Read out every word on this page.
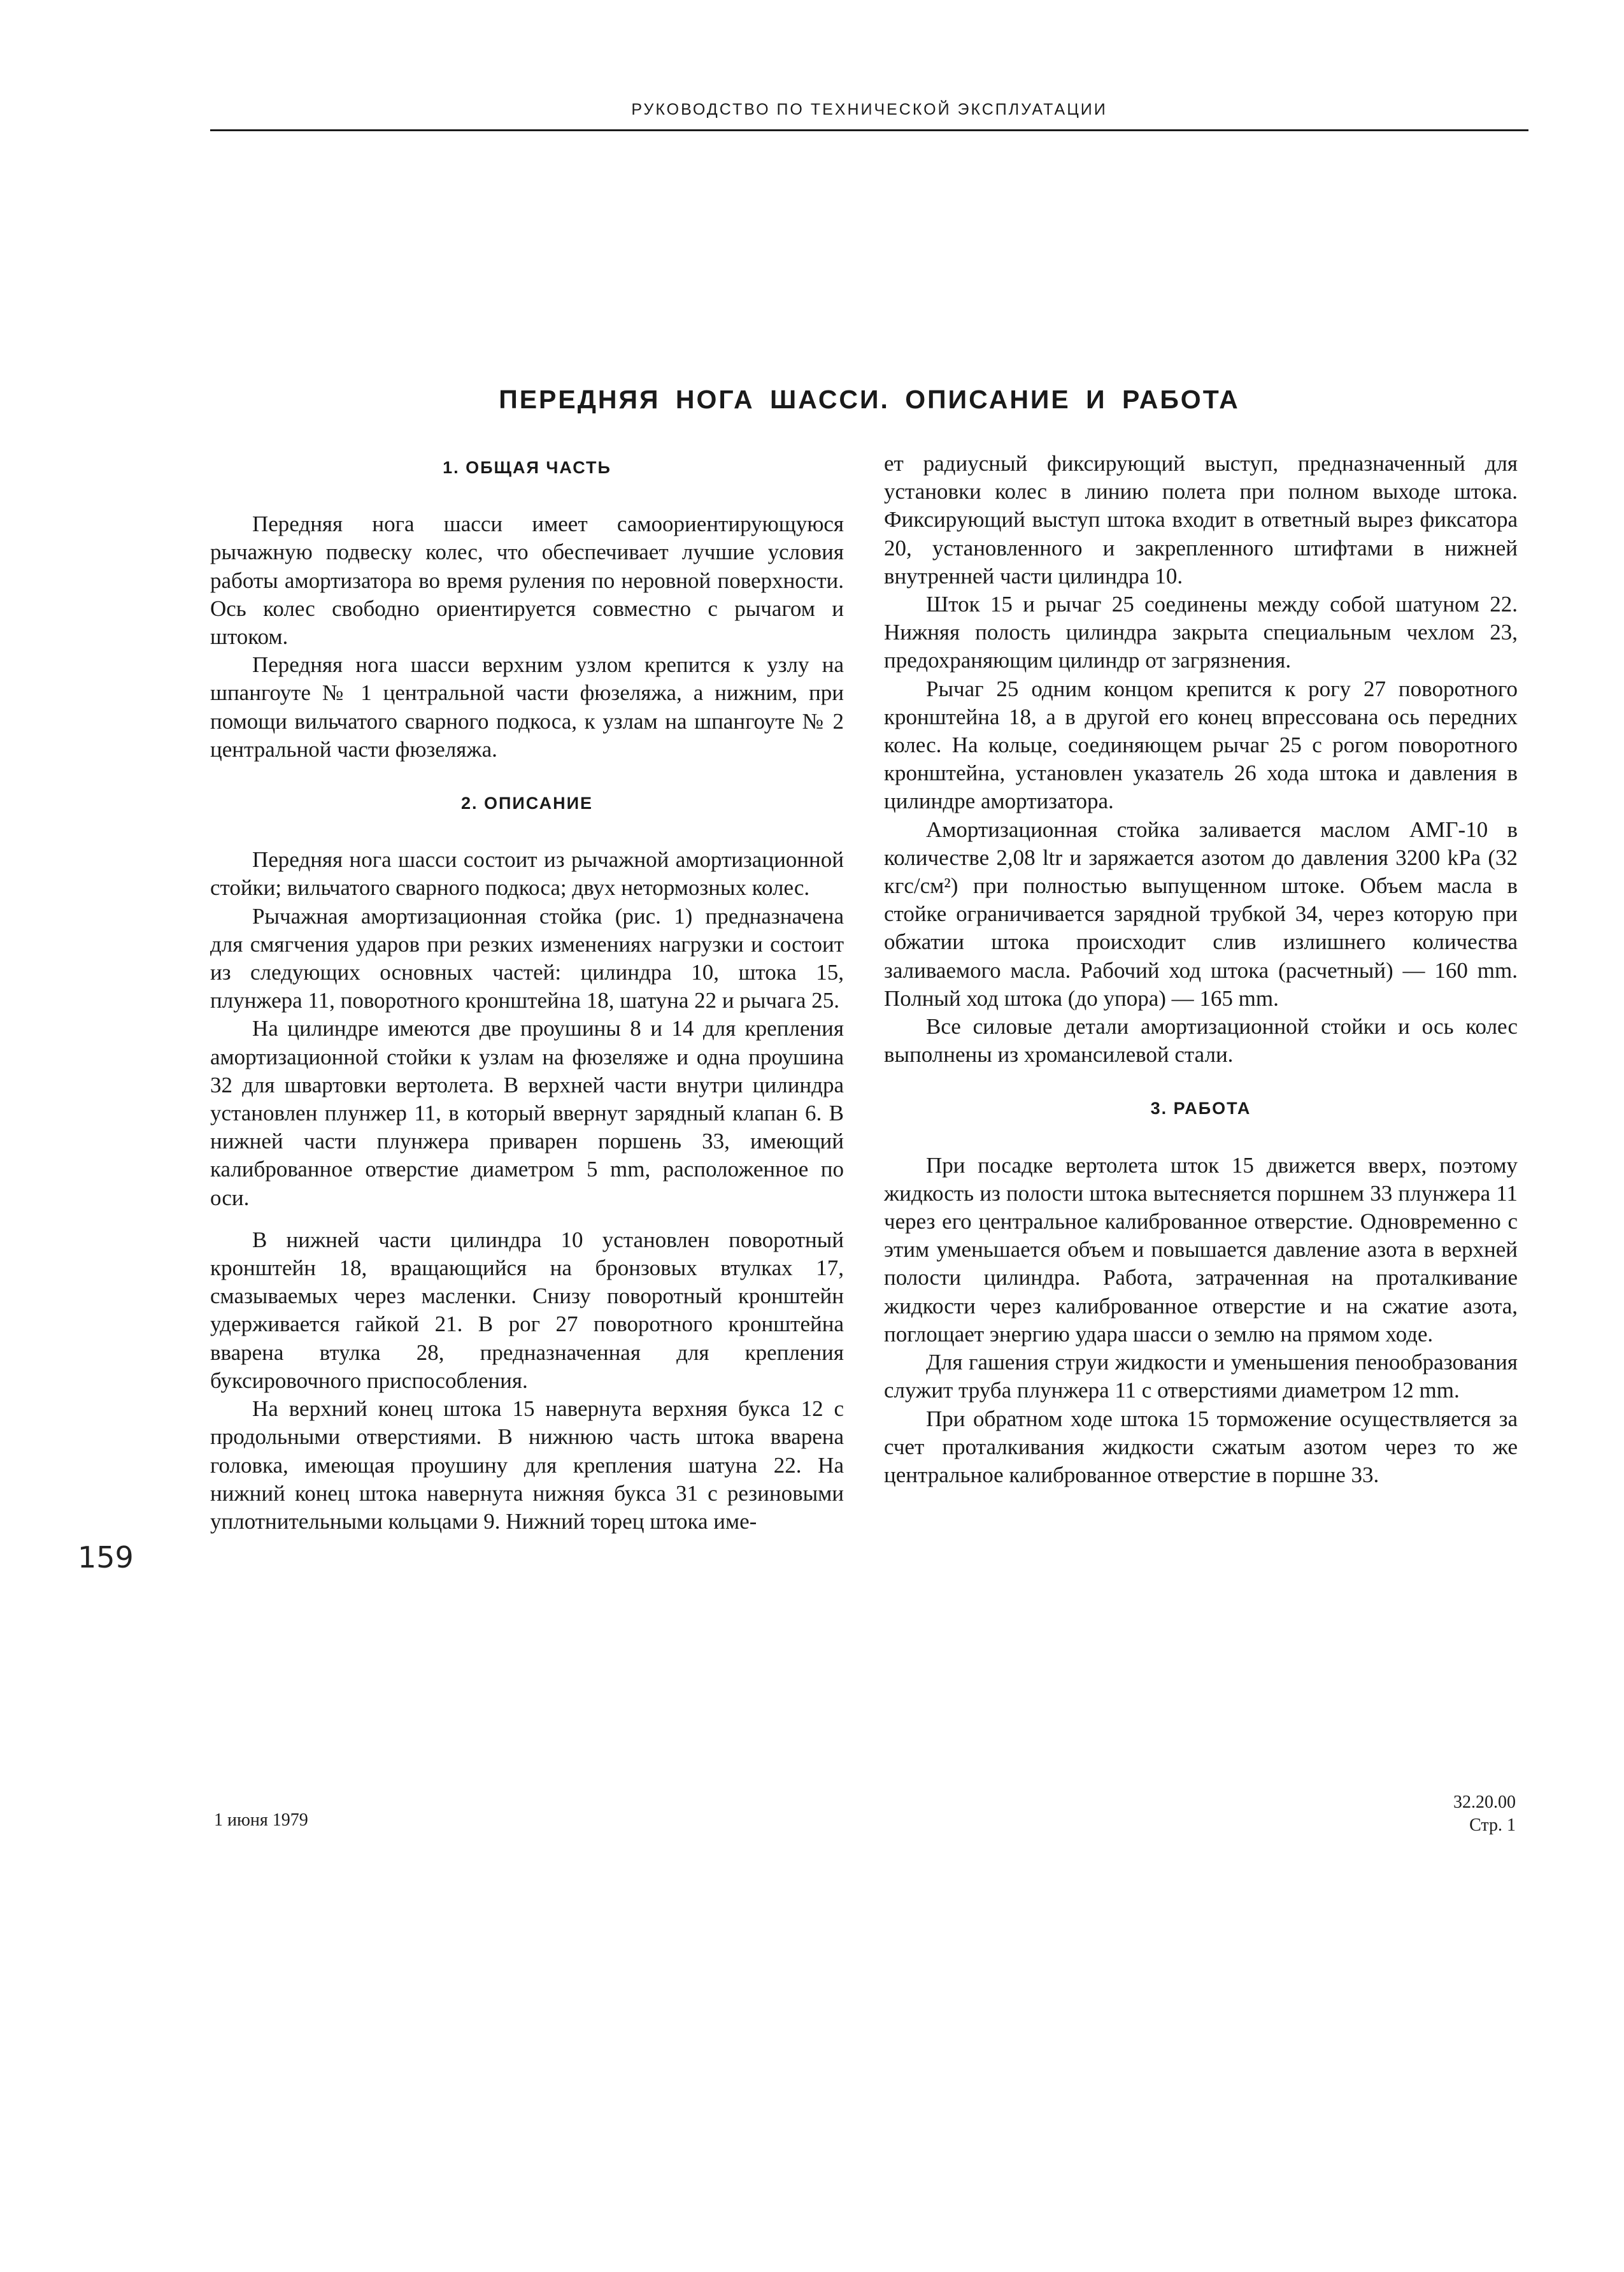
РУКОВОДСТВО ПО ТЕХНИЧЕСКОЙ ЭКСПЛУАТАЦИИ
ПЕРЕДНЯЯ НОГА ШАССИ. ОПИСАНИЕ И РАБОТА
1. ОБЩАЯ ЧАСТЬ

Передняя нога шасси имеет самоориентирующуюся рычажную подвеску колес, что обеспечивает лучшие условия работы амортизатора во время руления по неровной поверхности. Ось колес свободно ориентируется совместно с рычагом и штоком.

Передняя нога шасси верхним узлом крепится к узлу на шпангоуте № 1 центральной части фюзеляжа, а нижним, при помощи вильчатого сварного подкоса, к узлам на шпангоуте № 2 центральной части фюзеляжа.

2. ОПИСАНИЕ

Передняя нога шасси состоит из рычажной амортизационной стойки; вильчатого сварного подкоса; двух нетормозных колес.

Рычажная амортизационная стойка (рис. 1) предназначена для смягчения ударов при резких изменениях нагрузки и состоит из следующих основных частей: цилиндра 10, штока 15, плунжера 11, поворотного кронштейна 18, шатуна 22 и рычага 25.

На цилиндре имеются две проушины 8 и 14 для крепления амортизационной стойки к узлам на фюзеляже и одна проушина 32 для швартовки вертолета. В верхней части внутри цилиндра установлен плунжер 11, в который ввернут зарядный клапан 6. В нижней части плунжера приварен поршень 33, имеющий калиброванное отверстие диаметром 5 mm, расположенное по оси.

В нижней части цилиндра 10 установлен поворотный кронштейн 18, вращающийся на бронзовых втулках 17, смазываемых через масленки. Снизу поворотный кронштейн удерживается гайкой 21. В рог 27 поворотного кронштейна вварена втулка 28, предназначенная для крепления буксировочного приспособления.

На верхний конец штока 15 навернута верхняя букса 12 с продольными отверстиями. В нижнюю часть штока вварена головка, имеющая проушину для крепления шатуна 22. На нижний конец штока навернута нижняя букса 31 с резиновыми уплотнительными кольцами 9. Нижний торец штока име-

ет радиусный фиксирующий выступ, предназначенный для установки колес в линию полета при полном выходе штока. Фиксирующий выступ штока входит в ответный вырез фиксатора 20, установленного и закрепленного штифтами в нижней внутренней части цилиндра 10.

Шток 15 и рычаг 25 соединены между собой шатуном 22. Нижняя полость цилиндра закрыта специальным чехлом 23, предохраняющим цилиндр от загрязнения.

Рычаг 25 одним концом крепится к рогу 27 поворотного кронштейна 18, а в другой его конец впрессована ось передних колес. На кольце, соединяющем рычаг 25 с рогом поворотного кронштейна, установлен указатель 26 хода штока и давления в цилиндре амортизатора.

Амортизационная стойка заливается маслом АМГ-10 в количестве 2,08 ltr и заряжается азотом до давления 3200 kPa (32 кгс/см²) при полностью выпущенном штоке. Объем масла в стойке ограничивается зарядной трубкой 34, через которую при обжатии штока происходит слив излишнего количества заливаемого масла. Рабочий ход штока (расчетный) — 160 mm. Полный ход штока (до упора) — 165 mm.

Все силовые детали амортизационной стойки и ось колес выполнены из хромансилевой стали.

3. РАБОТА

При посадке вертолета шток 15 движется вверх, поэтому жидкость из полости штока вытесняется поршнем 33 плунжера 11 через его центральное калиброванное отверстие. Одновременно с этим уменьшается объем и повышается давление азота в верхней полости цилиндра. Работа, затраченная на проталкивание жидкости через калиброванное отверстие и на сжатие азота, поглощает энергию удара шасси о землю на прямом ходе.

Для гашения струи жидкости и уменьшения пенообразования служит труба плунжера 11 с отверстиями диаметром 12 mm.

При обратном ходе штока 15 торможение осуществляется за счет проталкивания жидкости сжатым азотом через то же центральное калиброванное отверстие в поршне 33.

159
1 июня 1979
32.20.00
Стр. 1
